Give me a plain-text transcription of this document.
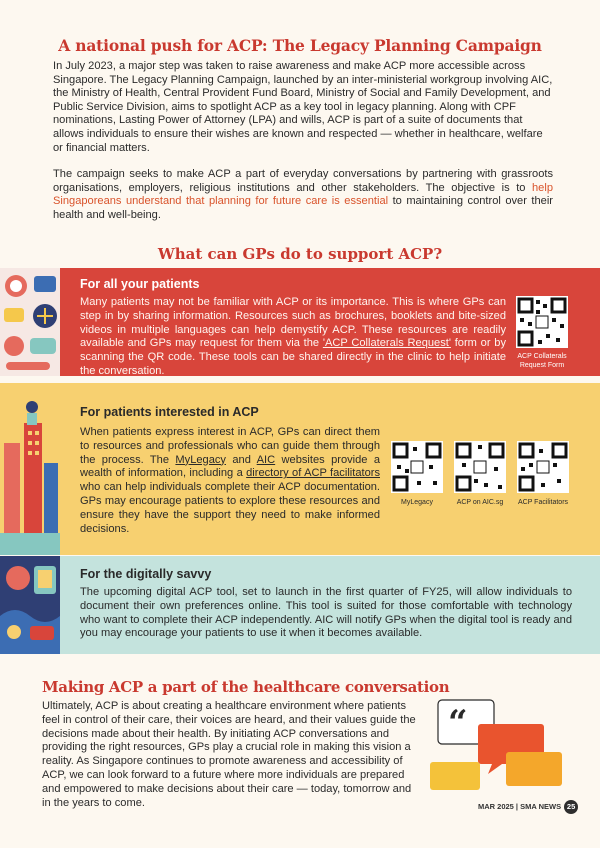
A national push for ACP: The Legacy Planning Campaign

In July 2023, a major step was taken to raise awareness and make ACP more accessible across Singapore. The Legacy Planning Campaign, launched by an inter-ministerial workgroup involving AIC, the Ministry of Health, Central Provident Fund Board, Ministry of Social and Family Development, and Public Service Division, aims to spotlight ACP as a key tool in legacy planning. Along with CPF nominations, Lasting Power of Attorney (LPA) and wills, ACP is part of a suite of documents that allows individuals to ensure their wishes are known and respected — whether in healthcare, welfare or financial matters.

The campaign seeks to make ACP a part of everyday conversations by partnering with grassroots organisations, employers, religious institutions and other stakeholders. The objective is to help Singaporeans understand that planning for future care is essential to maintaining control over their health and well-being.

What can GPs do to support ACP?
For all your patients
Many patients may not be familiar with ACP or its importance. This is where GPs can step in by sharing information. Resources such as brochures, booklets and bite-sized videos in multiple languages can help demystify ACP. These resources are readily available and GPs may request for them via the 'ACP Collaterals Request' form or by scanning the QR code. These tools can be shared directly in the clinic to help initiate the conversation.
ACP Collaterals Request Form
For patients interested in ACP
When patients express interest in ACP, GPs can direct them to resources and professionals who can guide them through the process. The MyLegacy and AIC websites provide a wealth of information, including a directory of ACP facilitators who can help individuals complete their ACP documentation. GPs may encourage patients to explore these resources and ensure they have the support they need to make informed decisions.
MyLegacy	ACP on AIC.sg	ACP Facilitators
For the digitally savvy
The upcoming digital ACP tool, set to launch in the first quarter of FY25, will allow individuals to document their own preferences online. This tool is suited for those comfortable with technology who want to complete their ACP independently. AIC will notify GPs when the digital tool is ready and you may encourage your patients to use it when it becomes available.
Making ACP a part of the healthcare conversation
Ultimately, ACP is about creating a healthcare environment where patients feel in control of their care, their voices are heard, and their values guide the decisions made about their health. By initiating ACP conversations and providing the right resources, GPs play a crucial role in making this vision a reality. As Singapore continues to promote awareness and accessibility of ACP, we can look forward to a future where more individuals are prepared and empowered to make decisions about their care — today, tomorrow and in the years to come.
“
MAR 2025 | SMA NEWS 25
